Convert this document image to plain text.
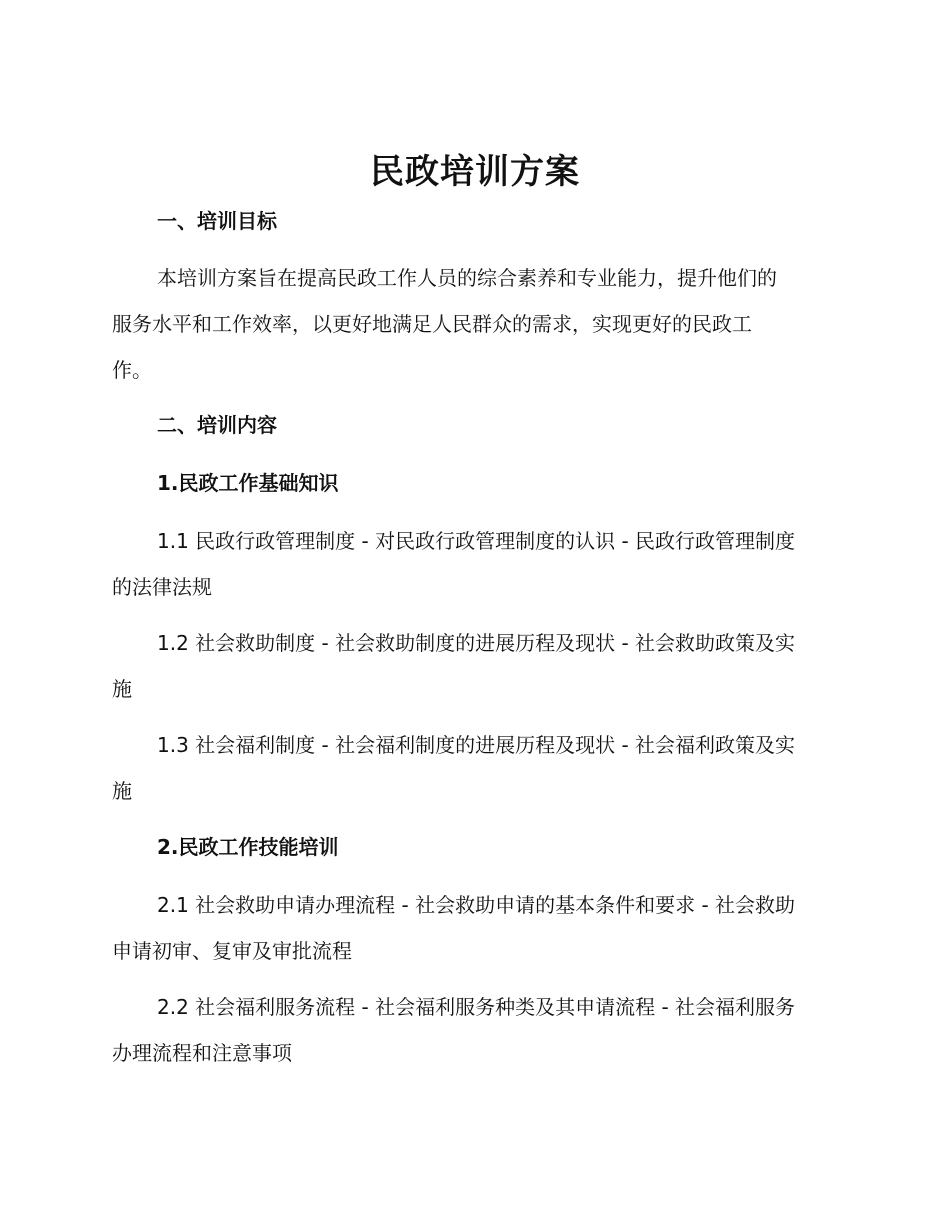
民政培训方案
一、培训目标
本培训方案旨在提高民政工作人员的综合素养和专业能力，提升他们的
服务水平和工作效率，以更好地满足人民群众的需求，实现更好的民政工
作。
二、培训内容
1.民政工作基础知识
1.1 民政行政管理制度 - 对民政行政管理制度的认识 - 民政行政管理制度
的法律法规
1.2 社会救助制度 - 社会救助制度的进展历程及现状 - 社会救助政策及实
施
1.3 社会福利制度 - 社会福利制度的进展历程及现状 - 社会福利政策及实
施
2.民政工作技能培训
2.1 社会救助申请办理流程 - 社会救助申请的基本条件和要求 - 社会救助
申请初审、复审及审批流程
2.2 社会福利服务流程 - 社会福利服务种类及其申请流程 - 社会福利服务
办理流程和注意事项
